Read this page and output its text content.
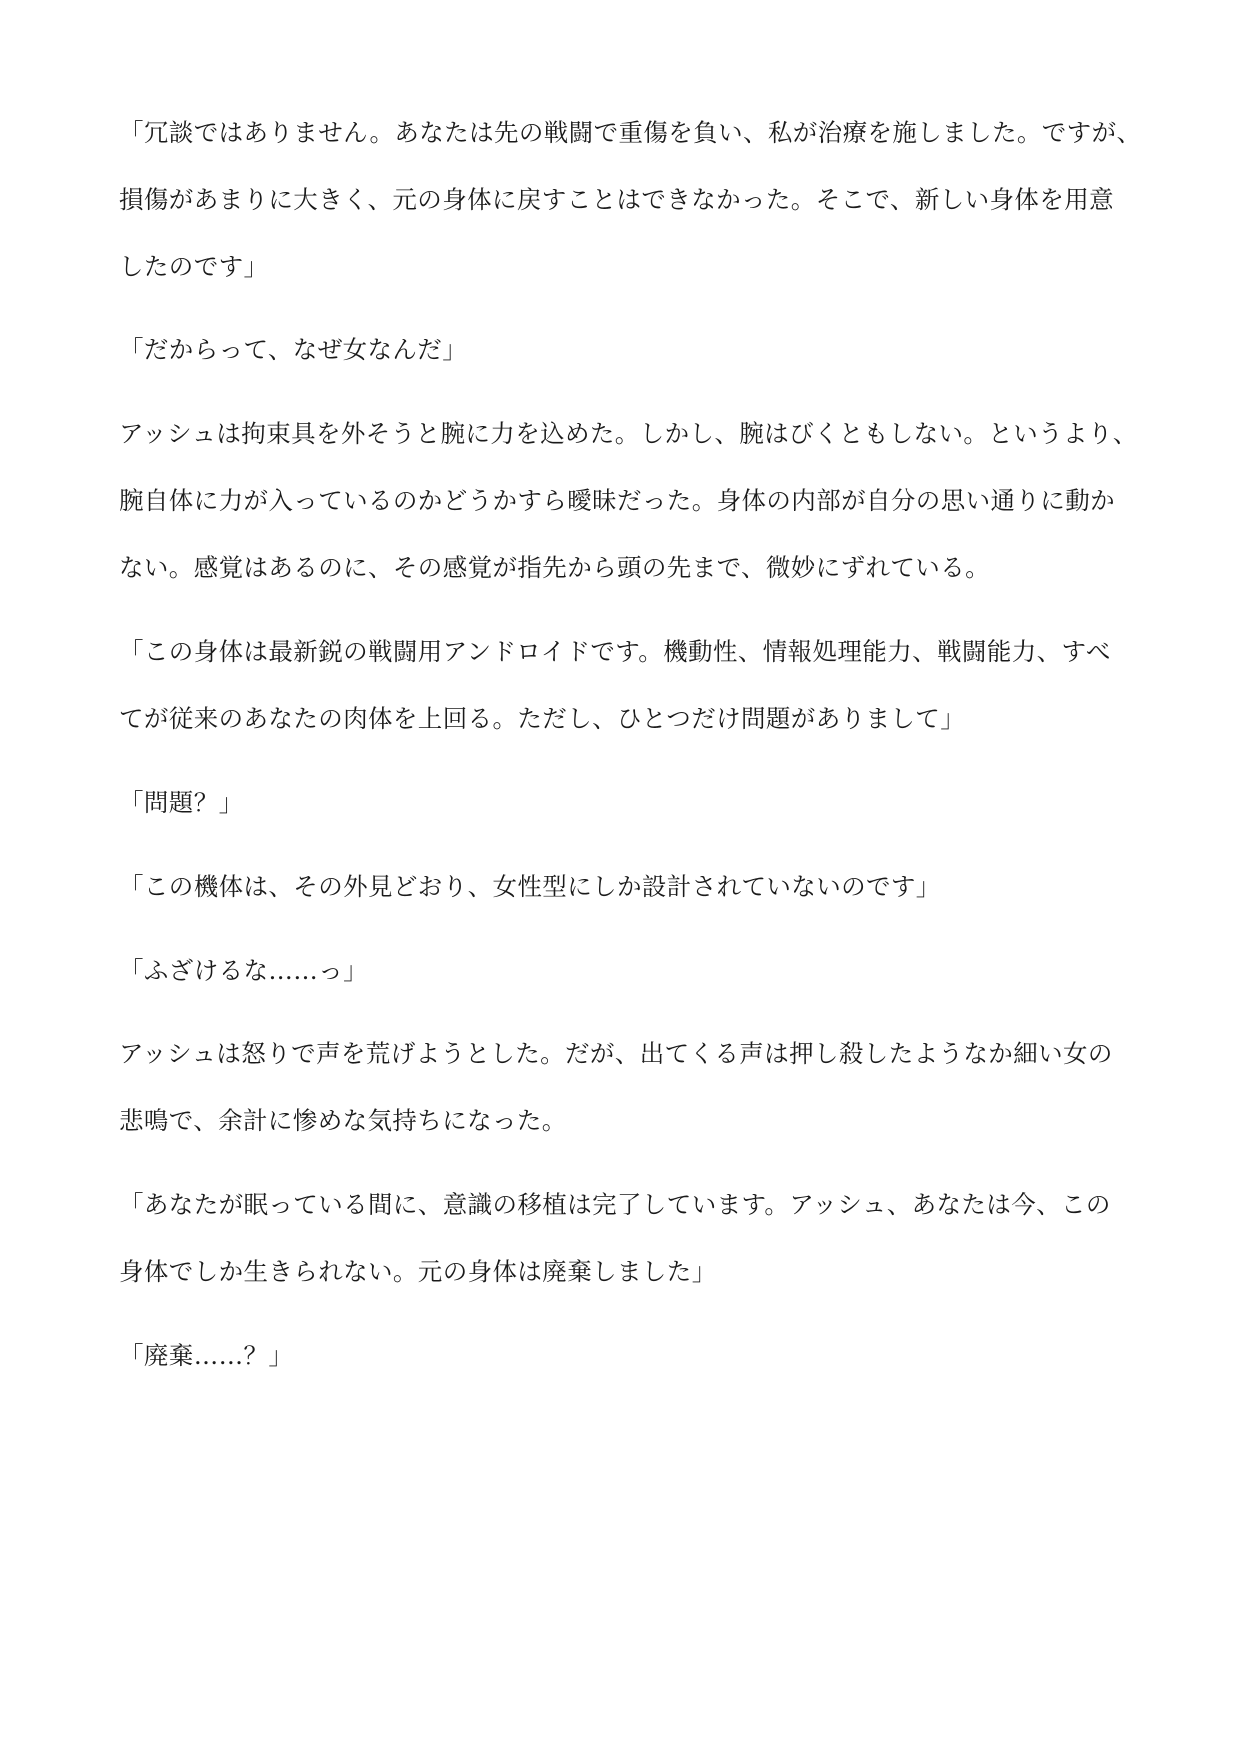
「冗談ではありません。あなたは先の戦闘で重傷を負い、私が治療を施しました。ですが、

損傷があまりに大きく、元の身体に戻すことはできなかった。そこで、新しい身体を用意

したのです」

「だからって、なぜ女なんだ」

アッシュは拘束具を外そうと腕に力を込めた。しかし、腕はびくともしない。というより、

腕自体に力が入っているのかどうかすら曖昧だった。身体の内部が自分の思い通りに動か

ない。感覚はあるのに、その感覚が指先から頭の先まで、微妙にずれている。

「この身体は最新鋭の戦闘用アンドロイドです。機動性、情報処理能力、戦闘能力、すべ

てが従来のあなたの肉体を上回る。ただし、ひとつだけ問題がありまして」

「問題？」

「この機体は、その外見どおり、女性型にしか設計されていないのです」

「ふざけるな……っ」

アッシュは怒りで声を荒げようとした。だが、出てくる声は押し殺したようなか細い女の

悲鳴で、余計に惨めな気持ちになった。

「あなたが眠っている間に、意識の移植は完了しています。アッシュ、あなたは今、この

身体でしか生きられない。元の身体は廃棄しました」

「廃棄……？」
